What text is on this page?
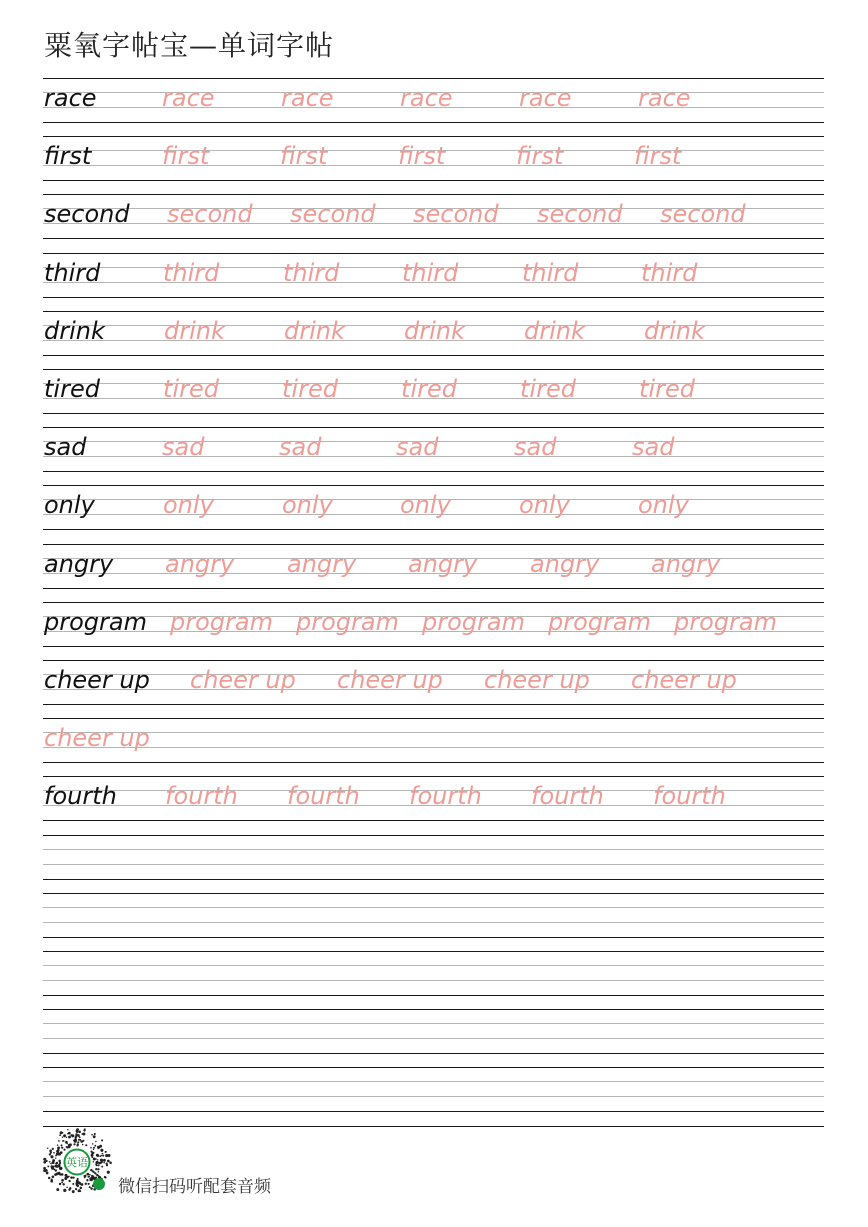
粟氧字帖宝—单词字帖
race	race	race	race	race	race
first	first	first	first	first	first
second second second second second second
third	third	third	third	third	third
drink drink drink drink drink drink
tired	tired	tired	tired	tired	tired
sad	sad	sad	sad	sad	sad
only	only	only	only	only	only
angry angry angry angry angry angry
program program program program program program
cheer up cheer up cheer up cheer up cheer up
cheer up
fourth fourth fourth fourth fourth fourth
英语
微信扫码听配套音频
